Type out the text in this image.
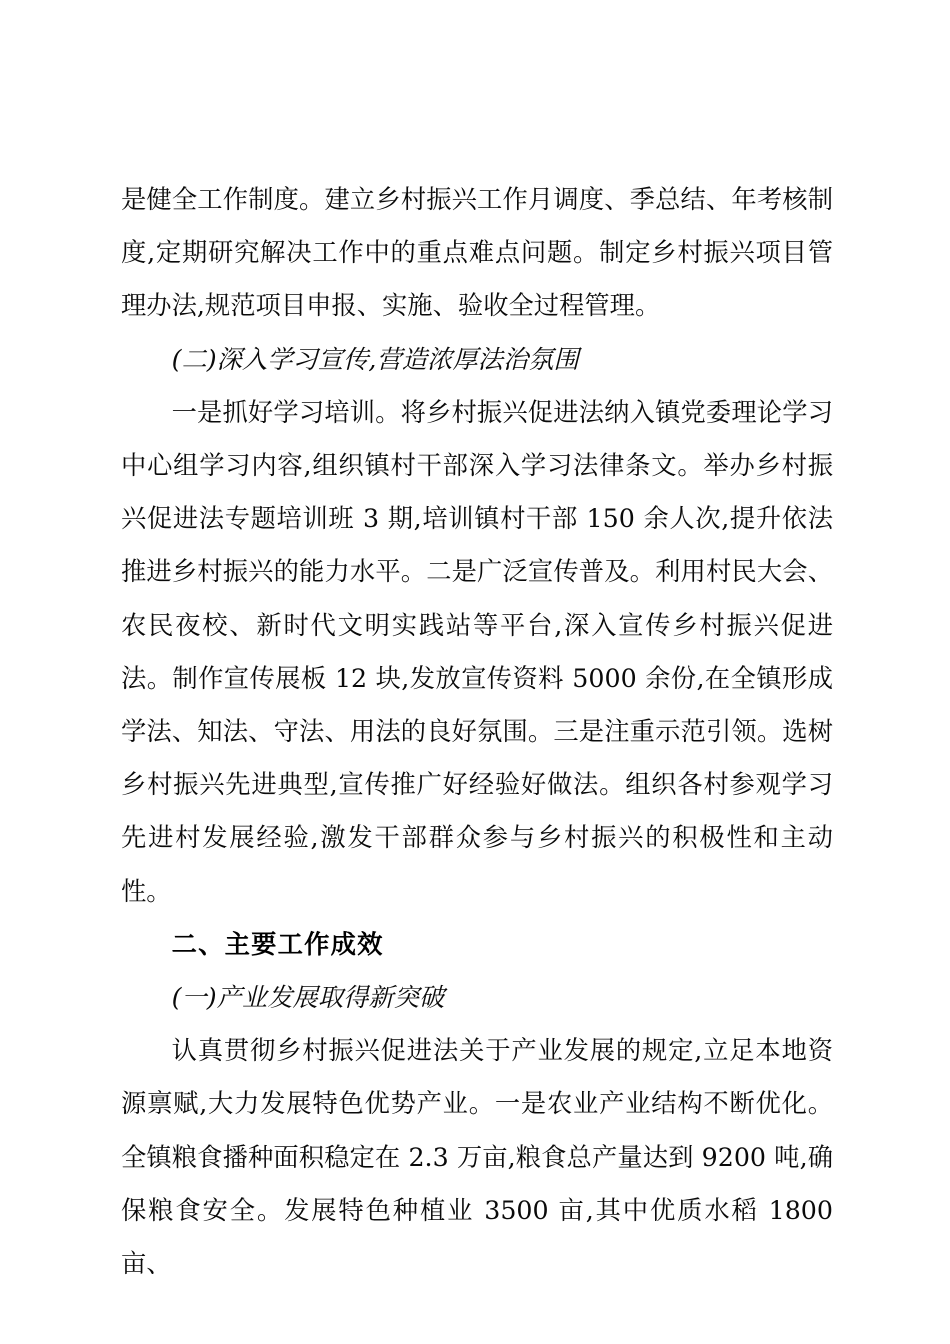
是健全工作制度。建立乡村振兴工作月调度、季总结、年考核制度,定期研究解决工作中的重点难点问题。制定乡村振兴项目管理办法,规范项目申报、实施、验收全过程管理。

(二)深入学习宣传,营造浓厚法治氛围

一是抓好学习培训。将乡村振兴促进法纳入镇党委理论学习中心组学习内容,组织镇村干部深入学习法律条文。举办乡村振兴促进法专题培训班 3 期,培训镇村干部 150 余人次,提升依法推进乡村振兴的能力水平。二是广泛宣传普及。利用村民大会、农民夜校、新时代文明实践站等平台,深入宣传乡村振兴促进法。制作宣传展板 12 块,发放宣传资料 5000 余份,在全镇形成学法、知法、守法、用法的良好氛围。三是注重示范引领。选树乡村振兴先进典型,宣传推广好经验好做法。组织各村参观学习先进村发展经验,激发干部群众参与乡村振兴的积极性和主动性。

二、主要工作成效

(一)产业发展取得新突破

认真贯彻乡村振兴促进法关于产业发展的规定,立足本地资源禀赋,大力发展特色优势产业。一是农业产业结构不断优化。全镇粮食播种面积稳定在 2.3 万亩,粮食总产量达到 9200 吨,确保粮食安全。发展特色种植业 3500 亩,其中优质水稻 1800 亩、
